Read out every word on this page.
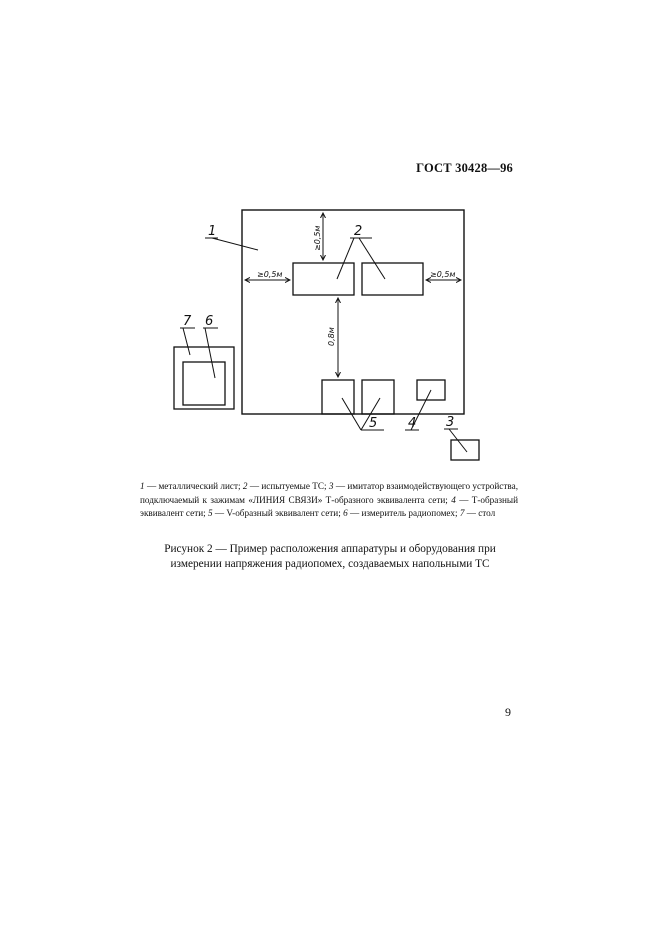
ГОСТ 30428—96
≥0,5м
≥0,5м	≥0,5м
0,8м
1	2
3
4
5
6
7
1 — металлический лист; 2 — испытуемые ТС; 3 — имитатор взаимодействующего устройства, подключаемый к зажимам «ЛИНИЯ СВЯЗИ» Т-образного эквивалента сети; 4 — Т-образный эквивалент сети; 5 — V-образный эквивалент сети; 6 — измеритель радиопомех; 7 — стол
Рисунок 2 — Пример расположения аппаратуры и оборудования при измерении напряжения радиопомех, создаваемых напольными ТС
9
